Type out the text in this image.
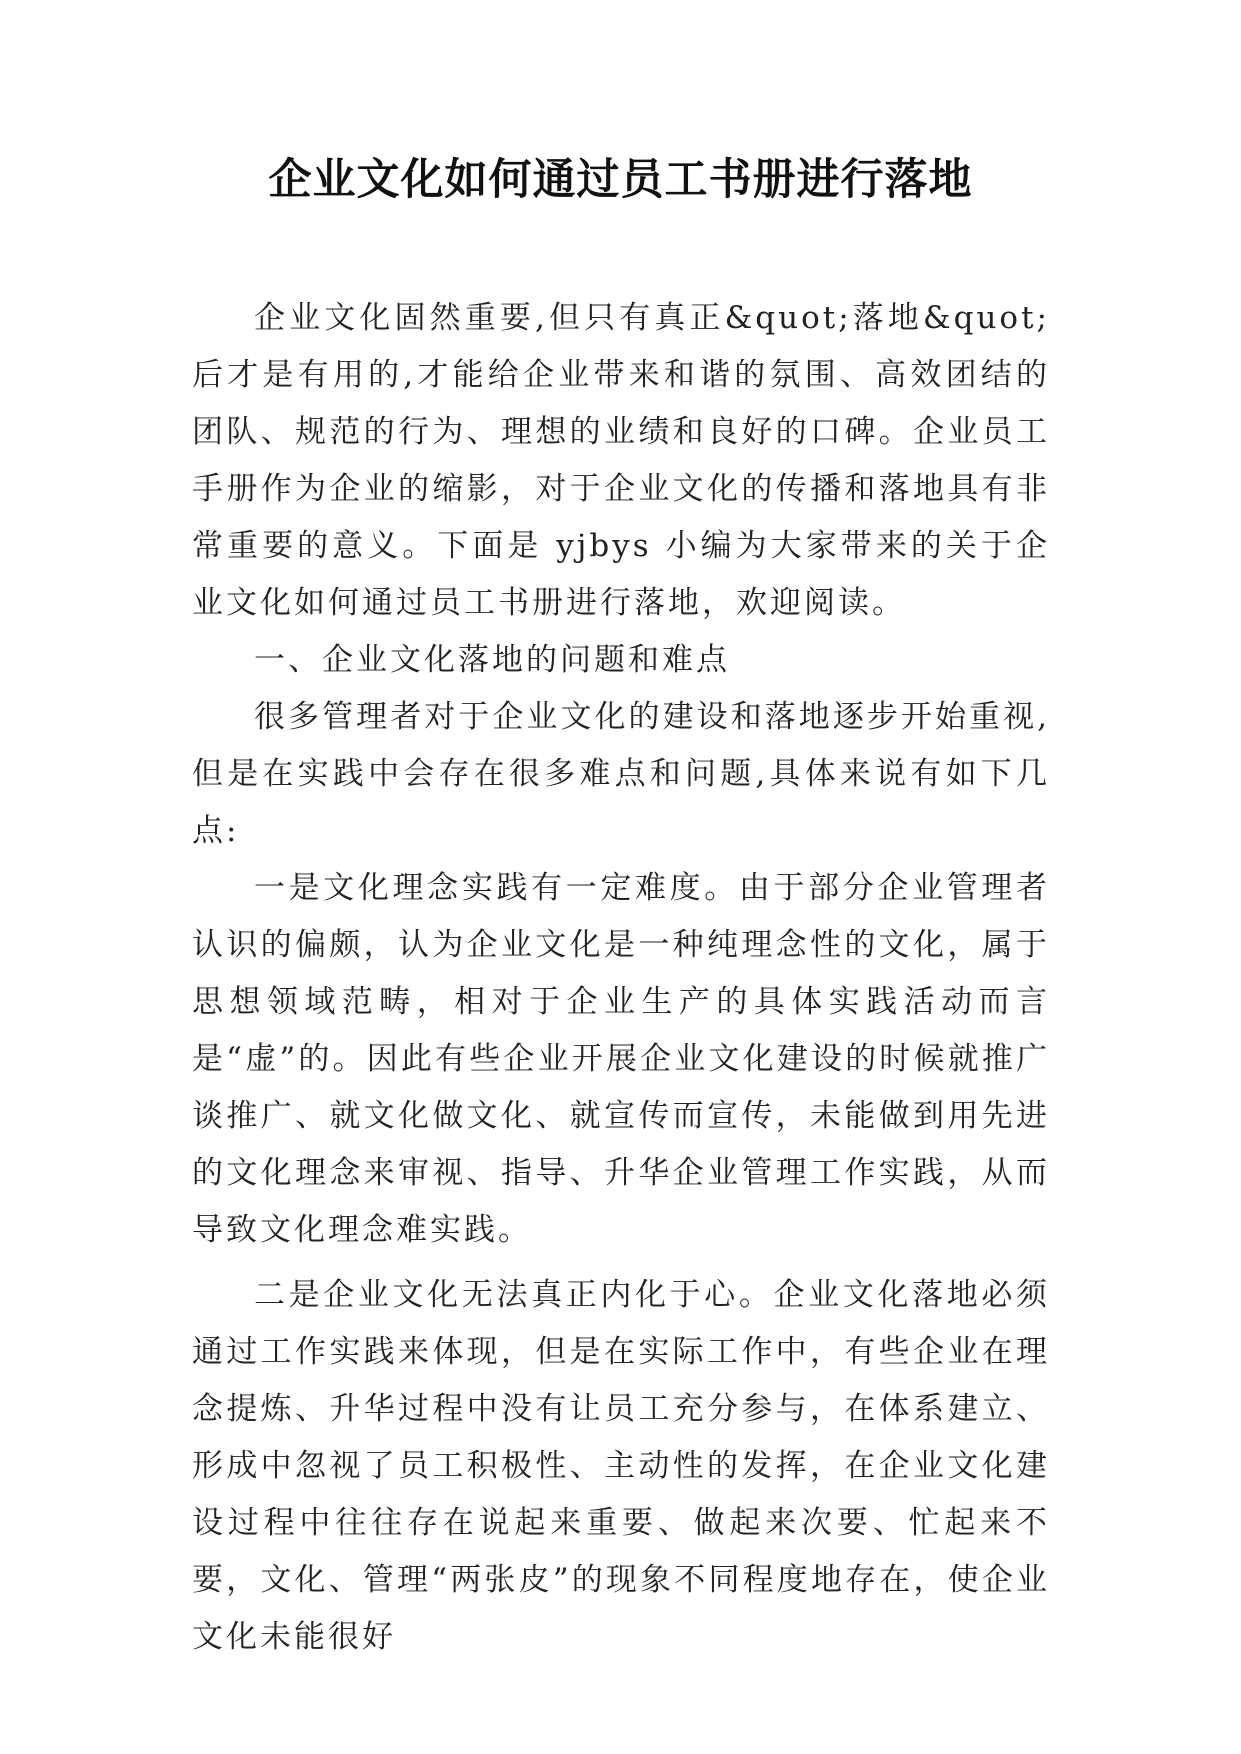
企业文化如何通过员工书册进行落地

企业文化固然重要,但只有真正&quot;落地&quot;后才是有用的,才能给企业带来和谐的氛围、高效团结的团队、规范的行为、理想的业绩和良好的口碑。企业员工手册作为企业的缩影，对于企业文化的传播和落地具有非常重要的意义。下面是 yjbys 小编为大家带来的关于企业文化如何通过员工书册进行落地，欢迎阅读。

一、企业文化落地的问题和难点

很多管理者对于企业文化的建设和落地逐步开始重视,但是在实践中会存在很多难点和问题,具体来说有如下几点:

一是文化理念实践有一定难度。由于部分企业管理者认识的偏颇，认为企业文化是一种纯理念性的文化，属于思想领域范畴，相对于企业生产的具体实践活动而言是“虚”的。因此有些企业开展企业文化建设的时候就推广谈推广、就文化做文化、就宣传而宣传，未能做到用先进的文化理念来审视、指导、升华企业管理工作实践，从而导致文化理念难实践。

二是企业文化无法真正内化于心。企业文化落地必须通过工作实践来体现，但是在实际工作中，有些企业在理念提炼、升华过程中没有让员工充分参与，在体系建立、形成中忽视了员工积极性、主动性的发挥，在企业文化建设过程中往往存在说起来重要、做起来次要、忙起来不要，文化、管理“两张皮”的现象不同程度地存在，使企业文化未能很好
